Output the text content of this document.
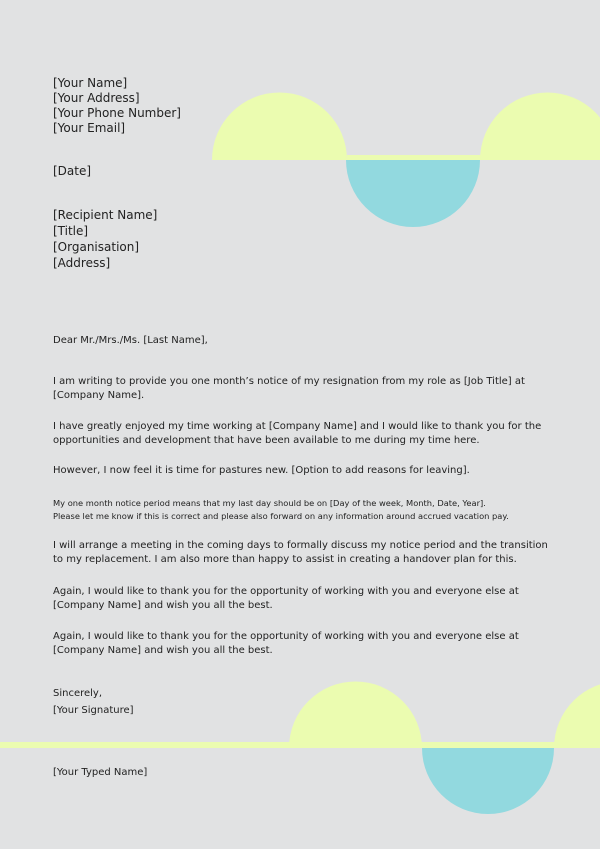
[Your Name]
[Your Address]
[Your Phone Number]
[Your Email]
[Date]
[Recipient Name]
[Title]
[Organisation]
[Address]
Dear Mr./Mrs./Ms. [Last Name],
I am writing to provide you one month’s notice of my resignation from my role as [Job Title] at
[Company Name].
I have greatly enjoyed my time working at [Company Name] and I would like to thank you for the
opportunities and development that have been available to me during my time here.
However, I now feel it is time for pastures new. [Option to add reasons for leaving].
My one month notice period means that my last day should be on [Day of the week, Month, Date, Year].
Please let me know if this is correct and please also forward on any information around accrued vacation pay.
I will arrange a meeting in the coming days to formally discuss my notice period and the transition
to my replacement. I am also more than happy to assist in creating a handover plan for this.
Again, I would like to thank you for the opportunity of working with you and everyone else at
[Company Name] and wish you all the best.
Again, I would like to thank you for the opportunity of working with you and everyone else at
[Company Name] and wish you all the best.
Sincerely,
[Your Signature]
[Your Typed Name]
